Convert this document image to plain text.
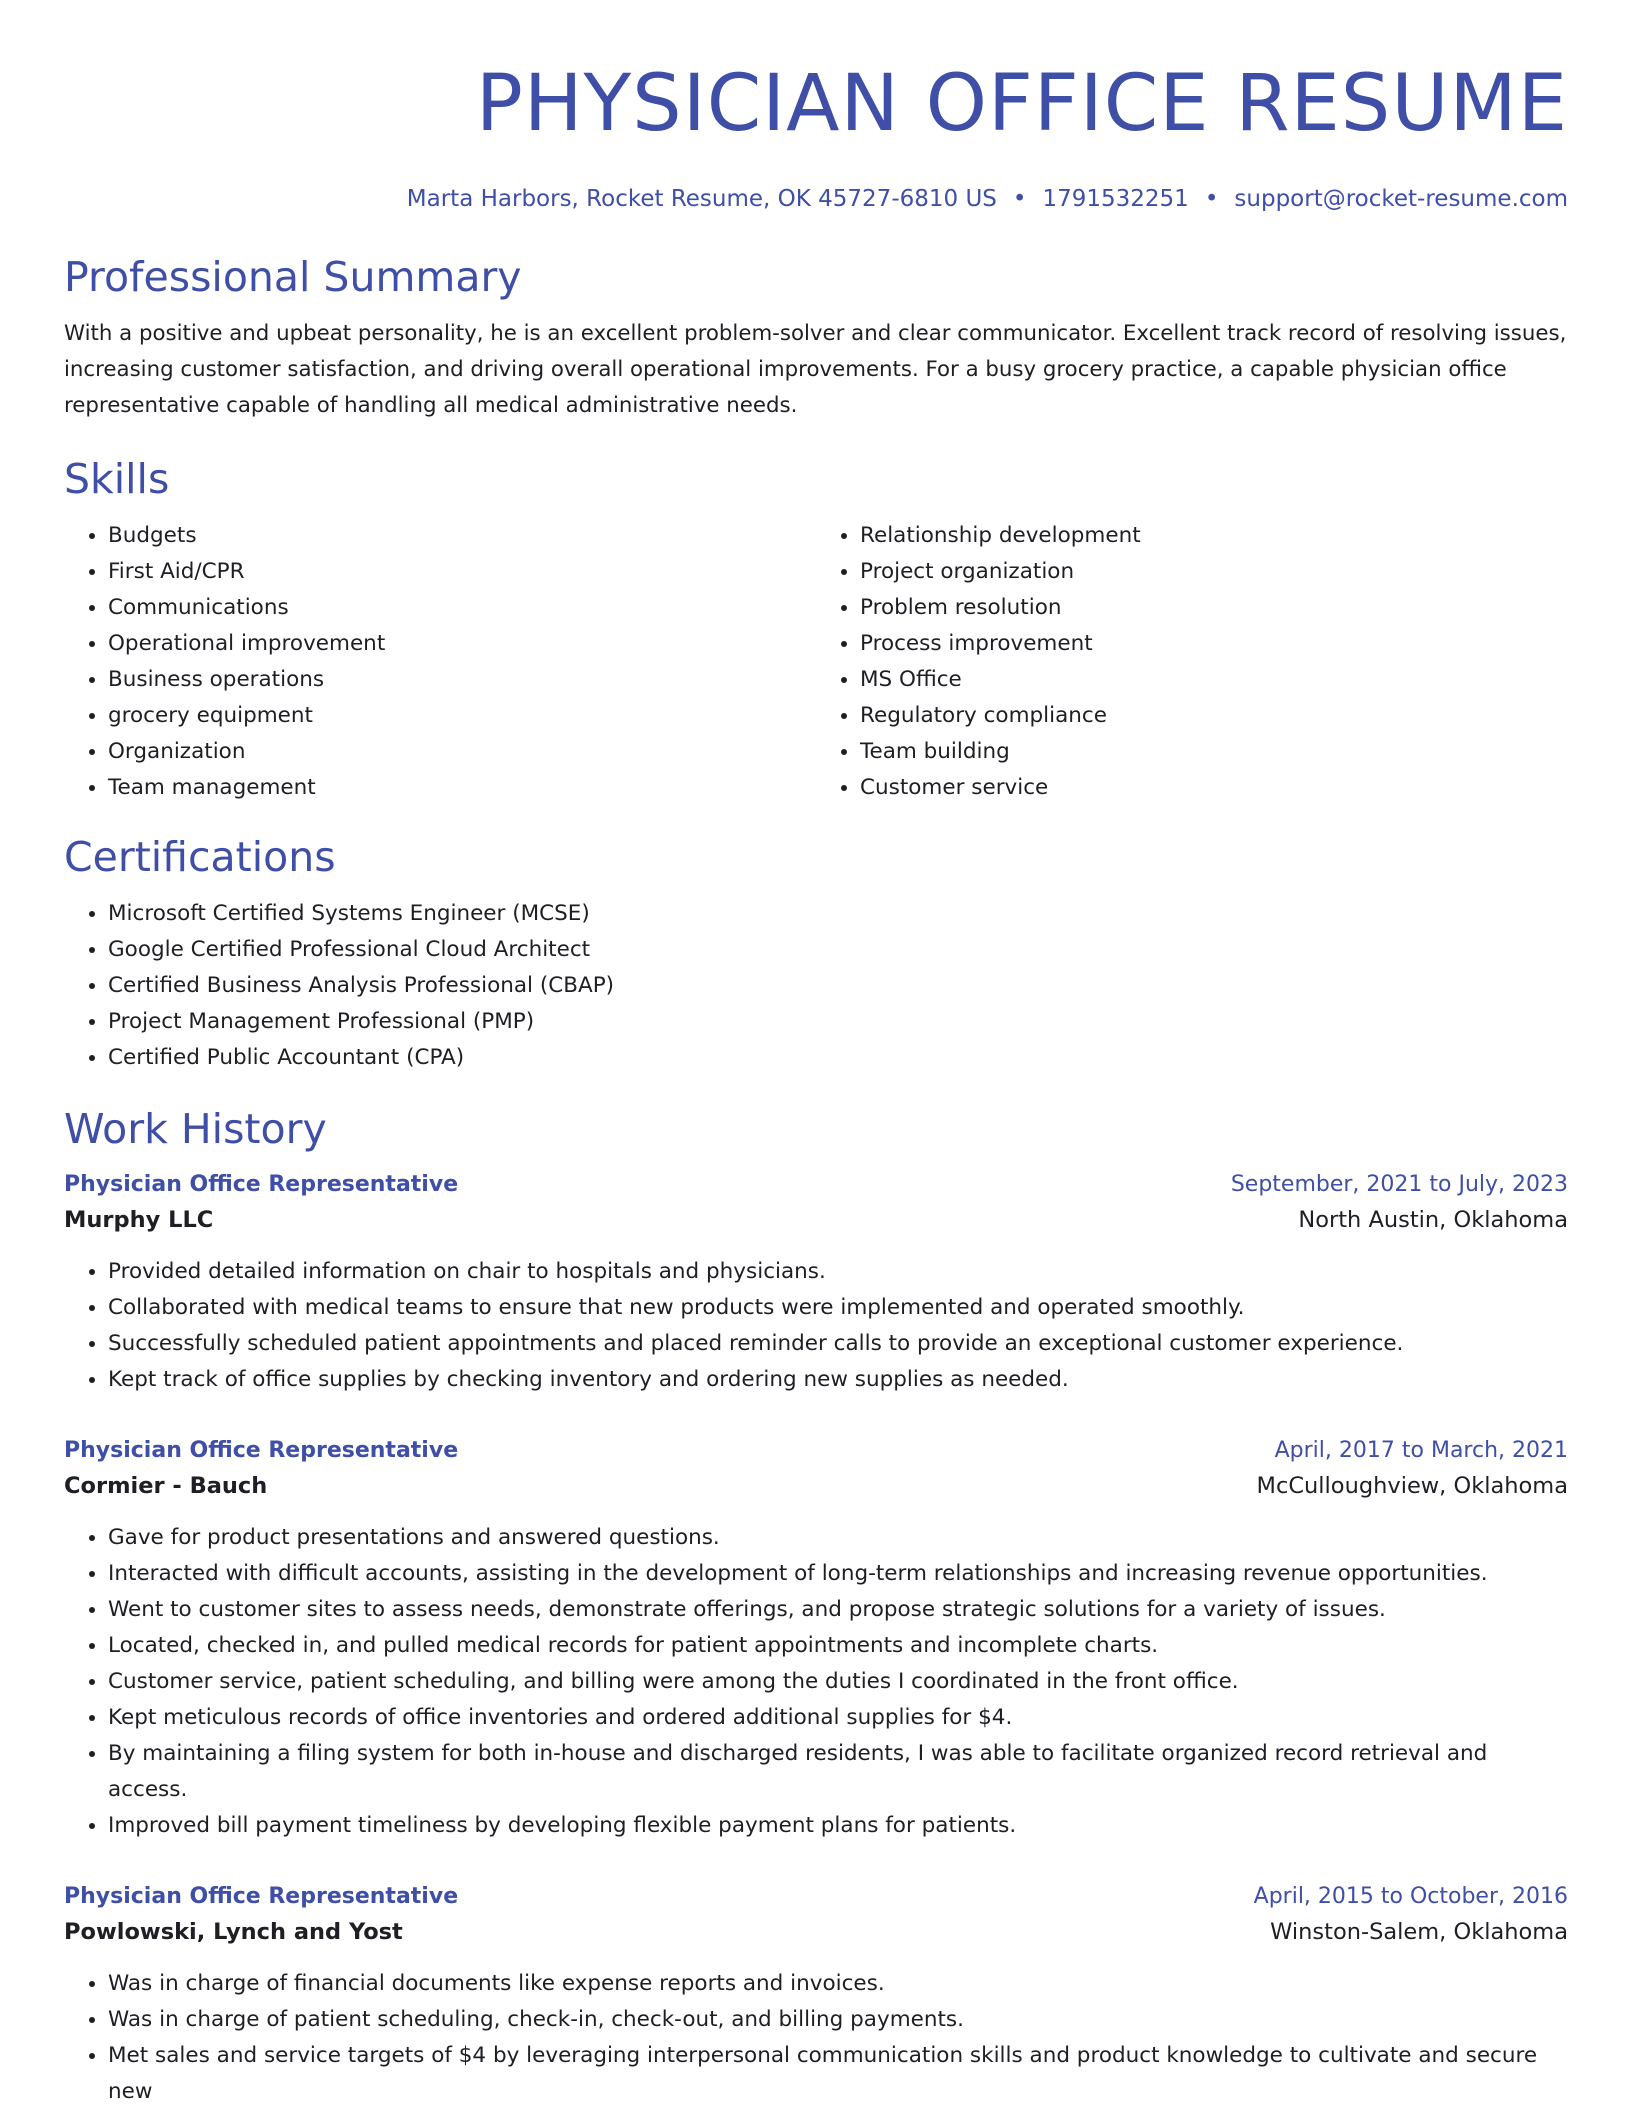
PHYSICIAN OFFICE RESUME
Marta Harbors, Rocket Resume, OK 45727-6810 US • 1791532251 • support@rocket-resume.com
Professional Summary

With a positive and upbeat personality, he is an excellent problem-solver and clear communicator. Excellent track record of resolving issues, increasing customer satisfaction, and driving overall operational improvements. For a busy grocery practice, a capable physician office representative capable of handling all medical administrative needs.

Skills
• Budgets
• First Aid/CPR
• Communications
• Operational improvement
• Business operations
• grocery equipment
• Organization
• Team management
• Relationship development
• Project organization
• Problem resolution
• Process improvement
• MS Office
• Regulatory compliance
• Team building
• Customer service
Certifications
• Microsoft Certified Systems Engineer (MCSE)
• Google Certified Professional Cloud Architect
• Certified Business Analysis Professional (CBAP)
• Project Management Professional (PMP)
• Certified Public Accountant (CPA)
Work History
Physician Office Representative	September, 2021 to July, 2023
Murphy LLC	North Austin, Oklahoma
• Provided detailed information on chair to hospitals and physicians.
• Collaborated with medical teams to ensure that new products were implemented and operated smoothly.
• Successfully scheduled patient appointments and placed reminder calls to provide an exceptional customer experience.
• Kept track of office supplies by checking inventory and ordering new supplies as needed.
Physician Office Representative	April, 2017 to March, 2021
Cormier - Bauch	McCulloughview, Oklahoma
• Gave for product presentations and answered questions.
• Interacted with difficult accounts, assisting in the development of long-term relationships and increasing revenue opportunities.
• Went to customer sites to assess needs, demonstrate offerings, and propose strategic solutions for a variety of issues.
• Located, checked in, and pulled medical records for patient appointments and incomplete charts.
• Customer service, patient scheduling, and billing were among the duties I coordinated in the front office.
• Kept meticulous records of office inventories and ordered additional supplies for $4.
• By maintaining a filing system for both in-house and discharged residents, I was able to facilitate organized record retrieval and access.
• Improved bill payment timeliness by developing flexible payment plans for patients.
Physician Office Representative	April, 2015 to October, 2016
Powlowski, Lynch and Yost	Winston-Salem, Oklahoma
• Was in charge of financial documents like expense reports and invoices.
• Was in charge of patient scheduling, check-in, check-out, and billing payments.
• Met sales and service targets of $4 by leveraging interpersonal communication skills and product knowledge to cultivate and secure new
